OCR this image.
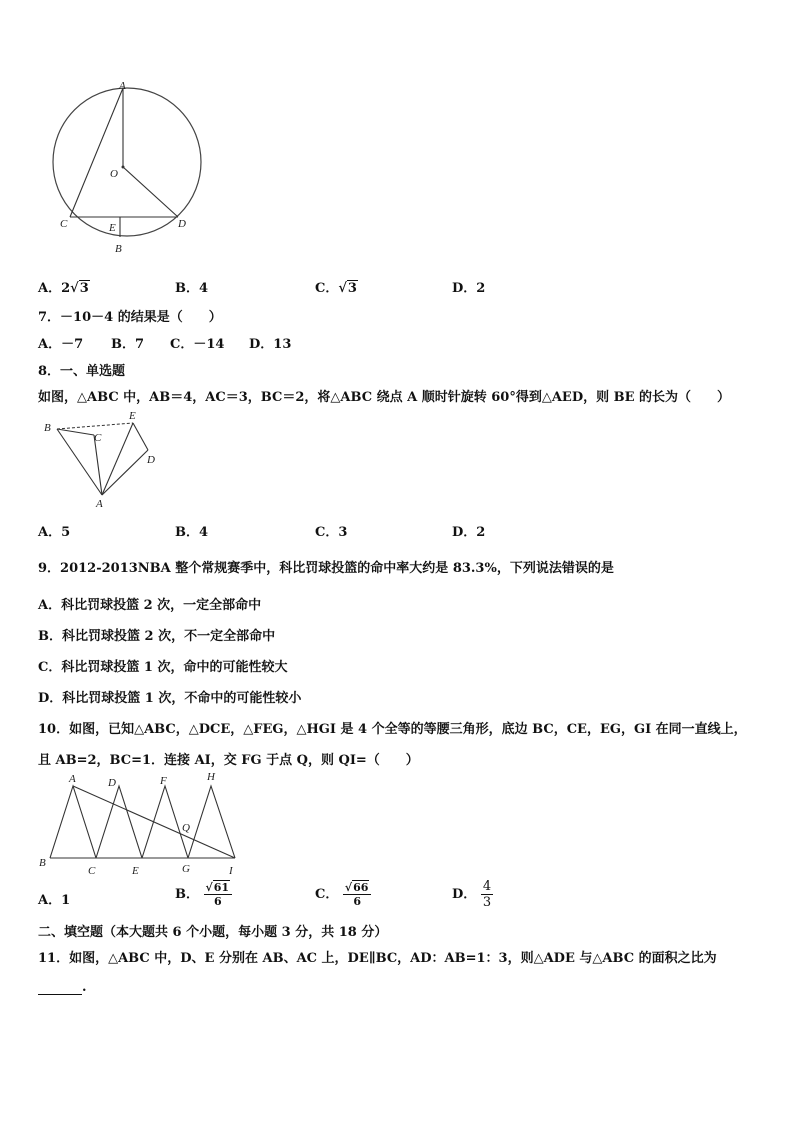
A
O
C	E	D
B
A．2√3	B．4	C．√3	D．2
7．－10－4 的结果是（　　）
A．－7 B．7 C．－14 D．13
8．一、单选题
如图，△ABC 中，AB＝4，AC＝3，BC＝2，将△ABC 绕点 A 顺时针旋转 60°得到△AED，则 BE 的长为（　　）
B
C
E
D
A
A．5	B．4	C．3	D．2
9．2012-2013NBA 整个常规赛季中，科比罚球投篮的命中率大约是 83.3%，下列说法错误的是
A．科比罚球投篮 2 次，一定全部命中
B．科比罚球投篮 2 次，不一定全部命中
C．科比罚球投篮 1 次，命中的可能性较大
D．科比罚球投篮 1 次，不命中的可能性较小
10．如图，已知△ABC，△DCE，△FEG，△HGI 是 4 个全等的等腰三角形，底边 BC，CE，EG，GI 在同一直线上，
且 AB=2，BC=1．连接 AI，交 FG 于点 Q，则 QI=（　　）
A	D	F	H
Q
B
C	E	G	I
A．1	B． $\frac{√61}{6}$	C． $\frac{√66}{6}$	D． $\frac{4}{3}$
二、填空题（本大题共 6 个小题，每小题 3 分，共 18 分）
11．如图，△ABC 中，D、E 分别在 AB、AC 上，DE∥BC，AD：AB=1：3，则△ADE 与△ABC 的面积之比为
.
